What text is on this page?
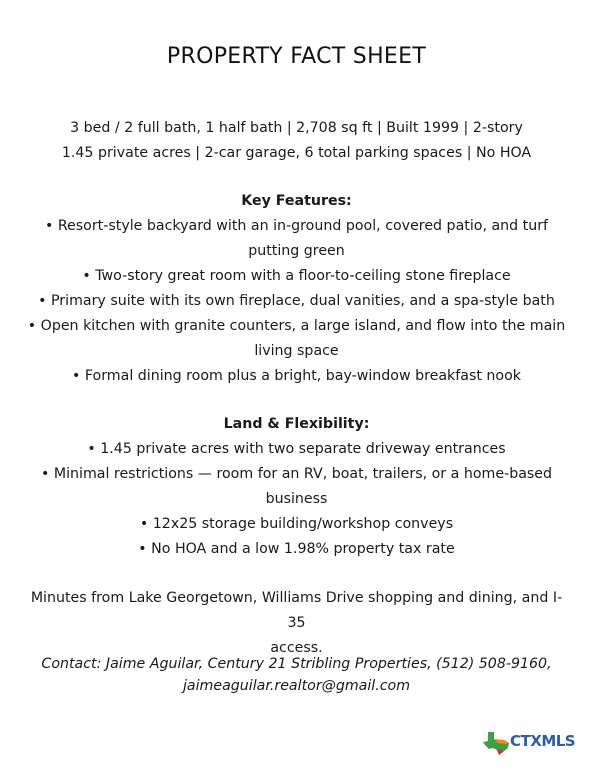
PROPERTY FACT SHEET
3 bed / 2 full bath, 1 half bath | 2,708 sq ft | Built 1999 | 2-story
1.45 private acres | 2-car garage, 6 total parking spaces | No HOA
Key Features:
• Resort-style backyard with an in-ground pool, covered patio, and turf
putting green
• Two-story great room with a floor-to-ceiling stone fireplace
• Primary suite with its own fireplace, dual vanities, and a spa-style bath
• Open kitchen with granite counters, a large island, and flow into the main
living space
• Formal dining room plus a bright, bay-window breakfast nook
Land & Flexibility:
• 1.45 private acres with two separate driveway entrances
• Minimal restrictions — room for an RV, boat, trailers, or a home-based
business
• 12x25 storage building/workshop conveys
• No HOA and a low 1.98% property tax rate
Minutes from Lake Georgetown, Williams Drive shopping and dining, and I-35
access.
Contact: Jaime Aguilar, Century 21 Stribling Properties, (512) 508-9160,
jaimeaguilar.realtor@gmail.com
CTXMLS
